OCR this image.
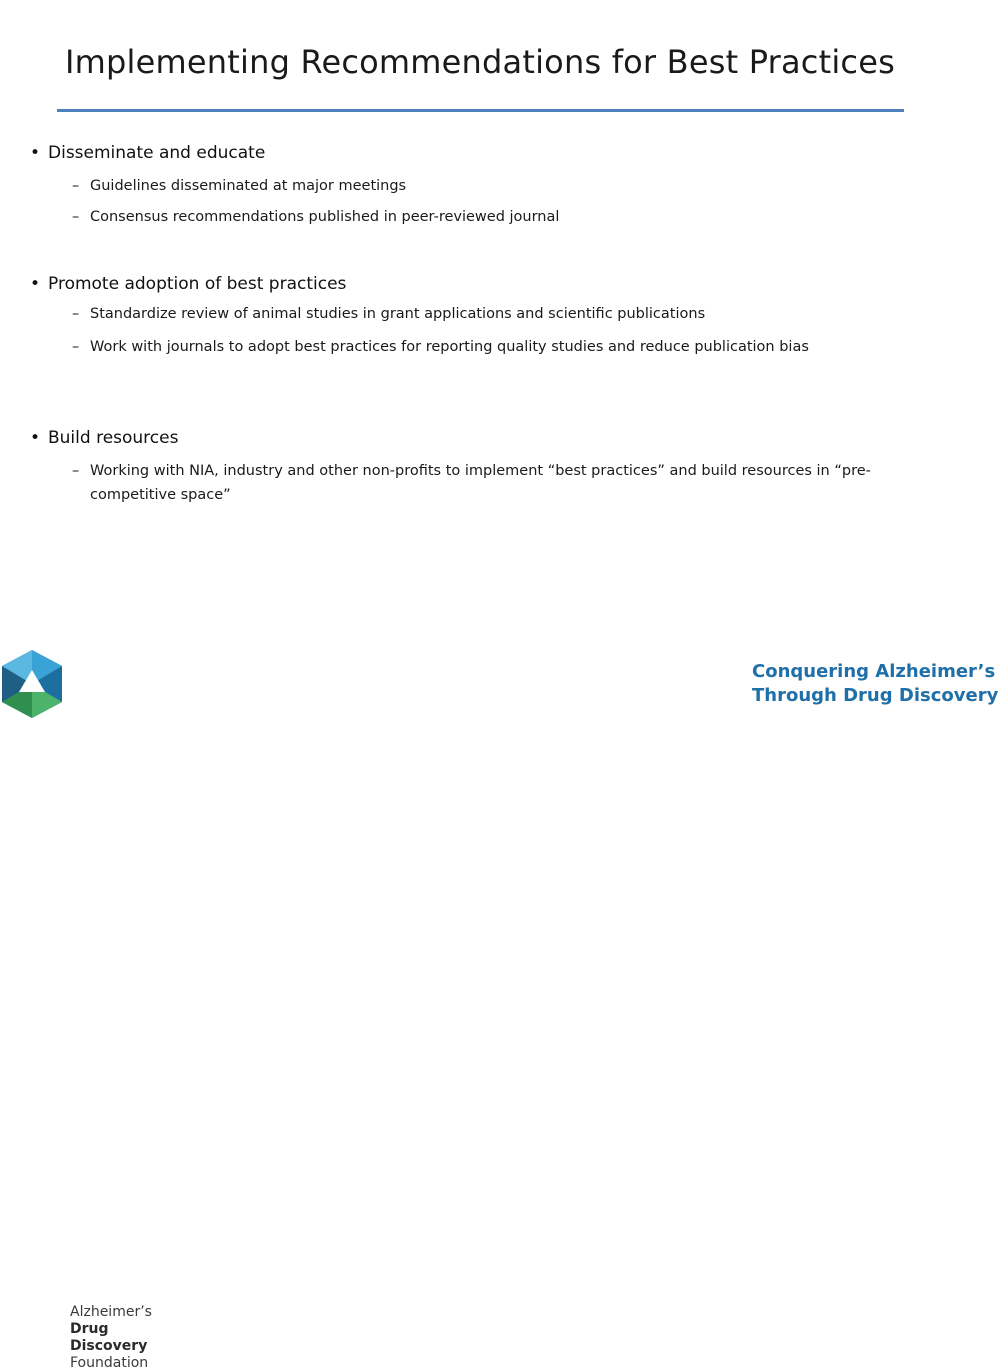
Implementing Recommendations for Best Practices
• Disseminate and educate
– Guidelines disseminated at major meetings
– Consensus recommendations published in peer-reviewed journal
• Promote adoption of best practices
– Standardize review of animal studies in grant applications and scientific publications
– Work with journals to adopt best practices for reporting quality studies and reduce publication bias
• Build resources
– Working with NIA, industry and other non-profits to implement “best practices” and build resources in “pre-competitive space”
Alzheimer’s
Drug Discovery
Foundation
Conquering Alzheimer’s
Through Drug Discovery
